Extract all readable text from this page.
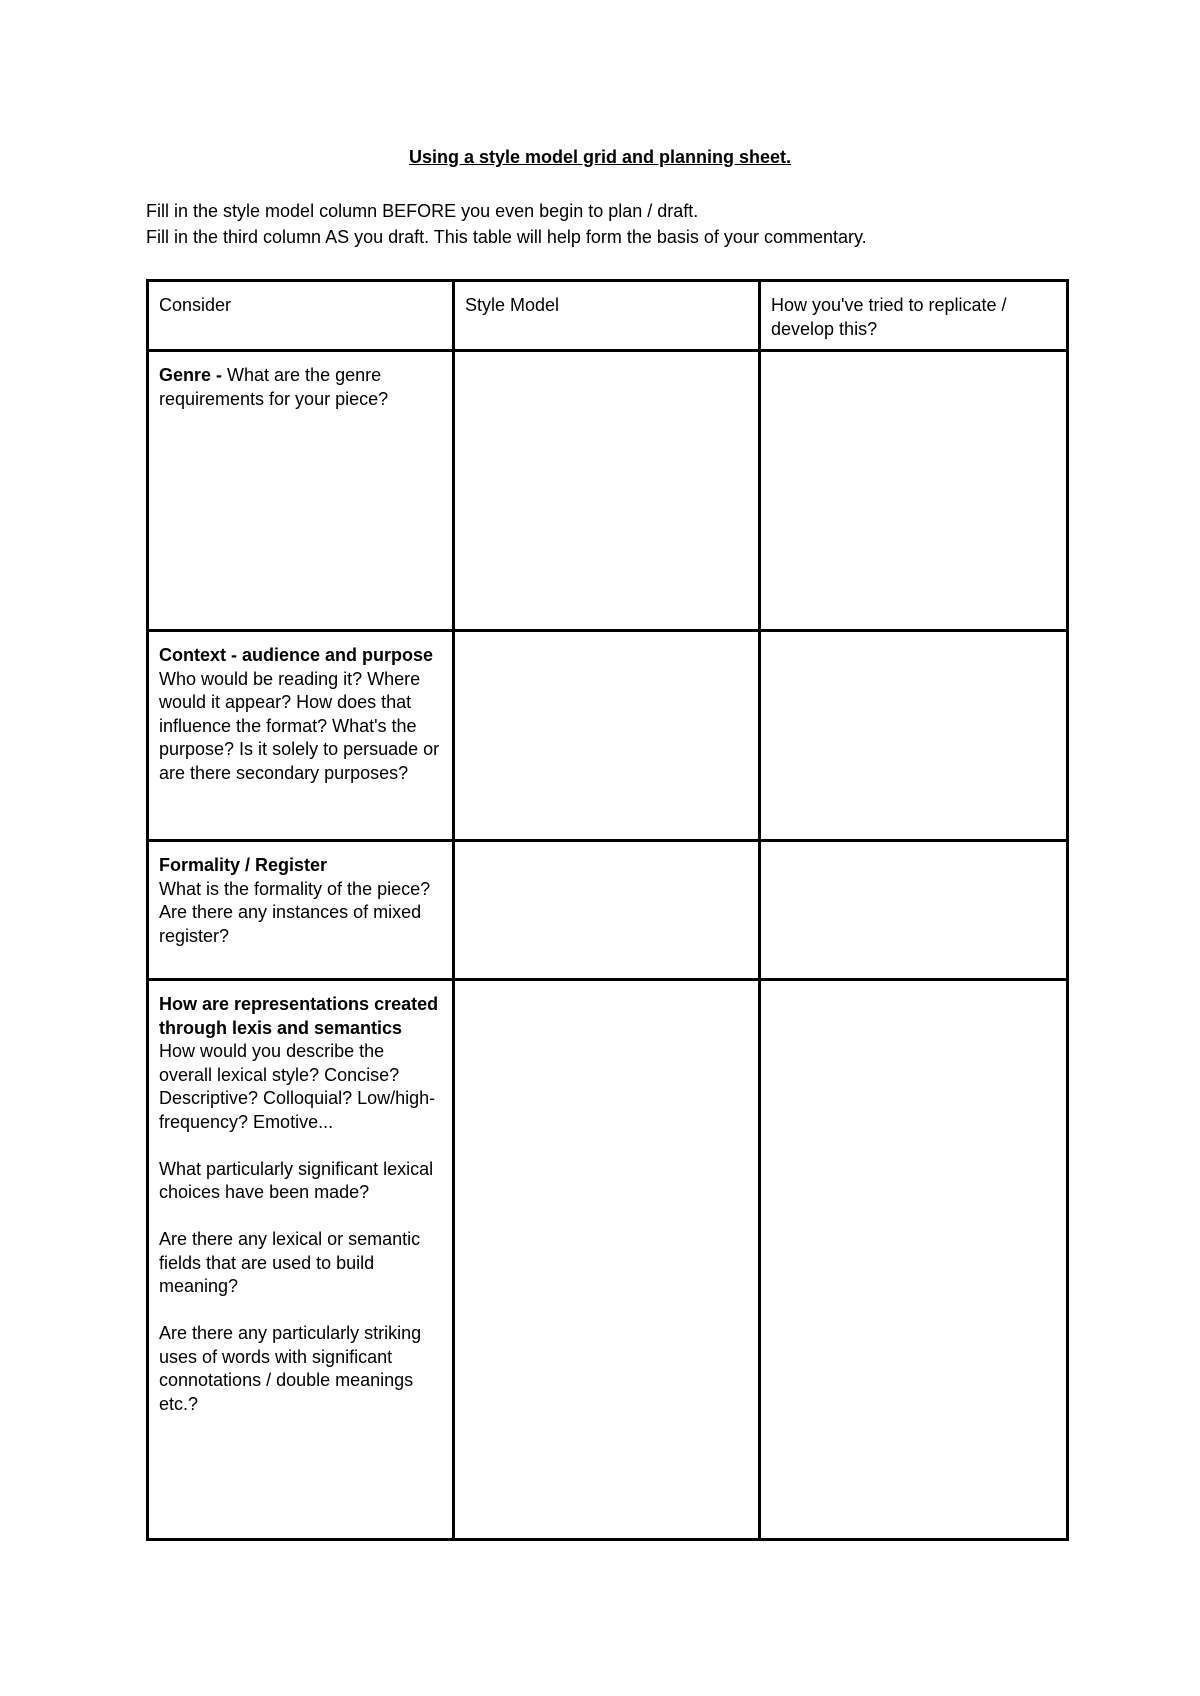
Using a style model grid and planning sheet.
Fill in the style model column BEFORE you even begin to plan / draft.
Fill in the third column AS you draft. This table will help form the basis of your commentary.
Consider	Style Model	How you've tried to replicate / develop this?
Genre - What are the genre requirements for your piece?		

Context - audience and purpose
Who would be reading it? Where would it appear? How does that influence the format? What's the purpose? Is it solely to persuade or are there secondary purposes?		

Formality / Register
What is the formality of the piece?
Are there any instances of mixed register?		

How are representations created through lexis and semantics
How would you describe the overall lexical style? Concise? Descriptive? Colloquial? Low/high-frequency? Emotive...
What particularly significant lexical choices have been made?
Are there any lexical or semantic fields that are used to build meaning?
Are there any particularly striking uses of words with significant connotations / double meanings etc.?		
